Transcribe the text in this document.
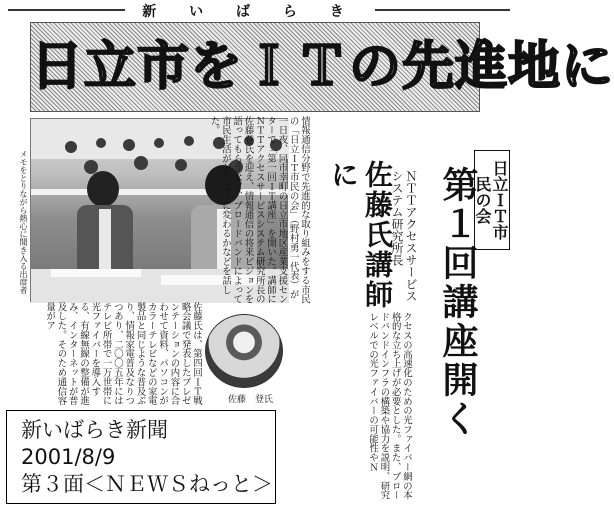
新 い ば ら き
日立市をＩＴの先進地に
メモをとりながら熱心に聞き入る出席者	情報通信分野で先進的な取り組みをする市民の「日立ＩＴ市民の会」（野村勇一代表）が一日夜、同市幸町の日立市地区産業支援センターで「第一回ＩＴ講座」を開いた。講師にＮＴＴアクセスサービスシステム研究所長の佐藤登氏を迎え、情報通信の将来ビジョンを語ってもらうなど、ブロードバンドによって市民生活がどのように変わるかなどを話した。
日立ＩＴ市民の会
第１回講座開く
ＮＴＴアクセスサービスシステム研究所長
佐藤氏講師に
クセスの高速化のための光ファイバー網の本格的な立ち上げが必要とした。また、ブロードバンドインフラの構築や協力を説明、研究レベルでの光ファイバーの可能性やＮ
佐藤氏は、第四回ＩＴ戦略会議で発表したプレゼンテーションの内容に合わせて資料、パソコンがカラーテレビなどの家電製品と同じような普及ぶり、情報家電普及なりつつあり、二〇〇五年にはテレビ所帯で一万世帯に光ファイバーを導入する、有線無線の整備が進み、インターネットが普及した。そのため通信容量がア
佐藤　登氏
新いばらき新聞
2001/8/9
第３面＜ＮＥＷＳねっと＞
